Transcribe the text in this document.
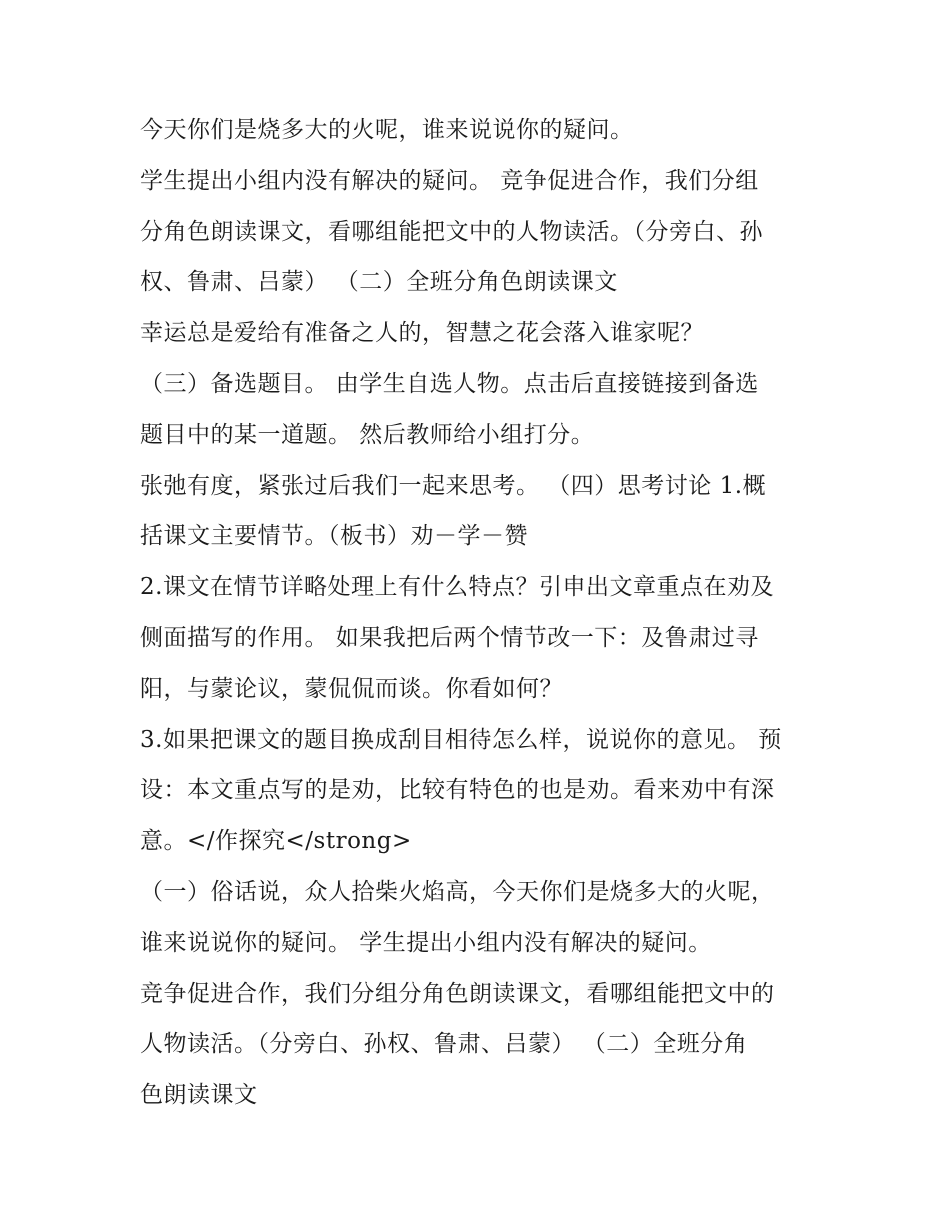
今天你们是烧多大的火呢，谁来说说你的疑问。
学生提出小组内没有解决的疑问。 竞争促进合作，我们分组
分角色朗读课文，看哪组能把文中的人物读活。（分旁白、孙
权、鲁肃、吕蒙） （二）全班分角色朗读课文
幸运总是爱给有准备之人的，智慧之花会落入谁家呢？
（三）备选题目。 由学生自选人物。点击后直接链接到备选
题目中的某一道题。 然后教师给小组打分。
张弛有度，紧张过后我们一起来思考。 （四）思考讨论 1.概
括课文主要情节。（板书）劝－学－赞
2.课文在情节详略处理上有什么特点？引申出文章重点在劝及
侧面描写的作用。 如果我把后两个情节改一下：及鲁肃过寻
阳，与蒙论议，蒙侃侃而谈。你看如何？
3.如果把课文的题目换成刮目相待怎么样，说说你的意见。 预
设：本文重点写的是劝，比较有特色的也是劝。看来劝中有深
意。</作探究</strong>
（一）俗话说，众人拾柴火焰高，今天你们是烧多大的火呢，
谁来说说你的疑问。 学生提出小组内没有解决的疑问。
竞争促进合作，我们分组分角色朗读课文，看哪组能把文中的
人物读活。（分旁白、孙权、鲁肃、吕蒙） （二）全班分角
色朗读课文
